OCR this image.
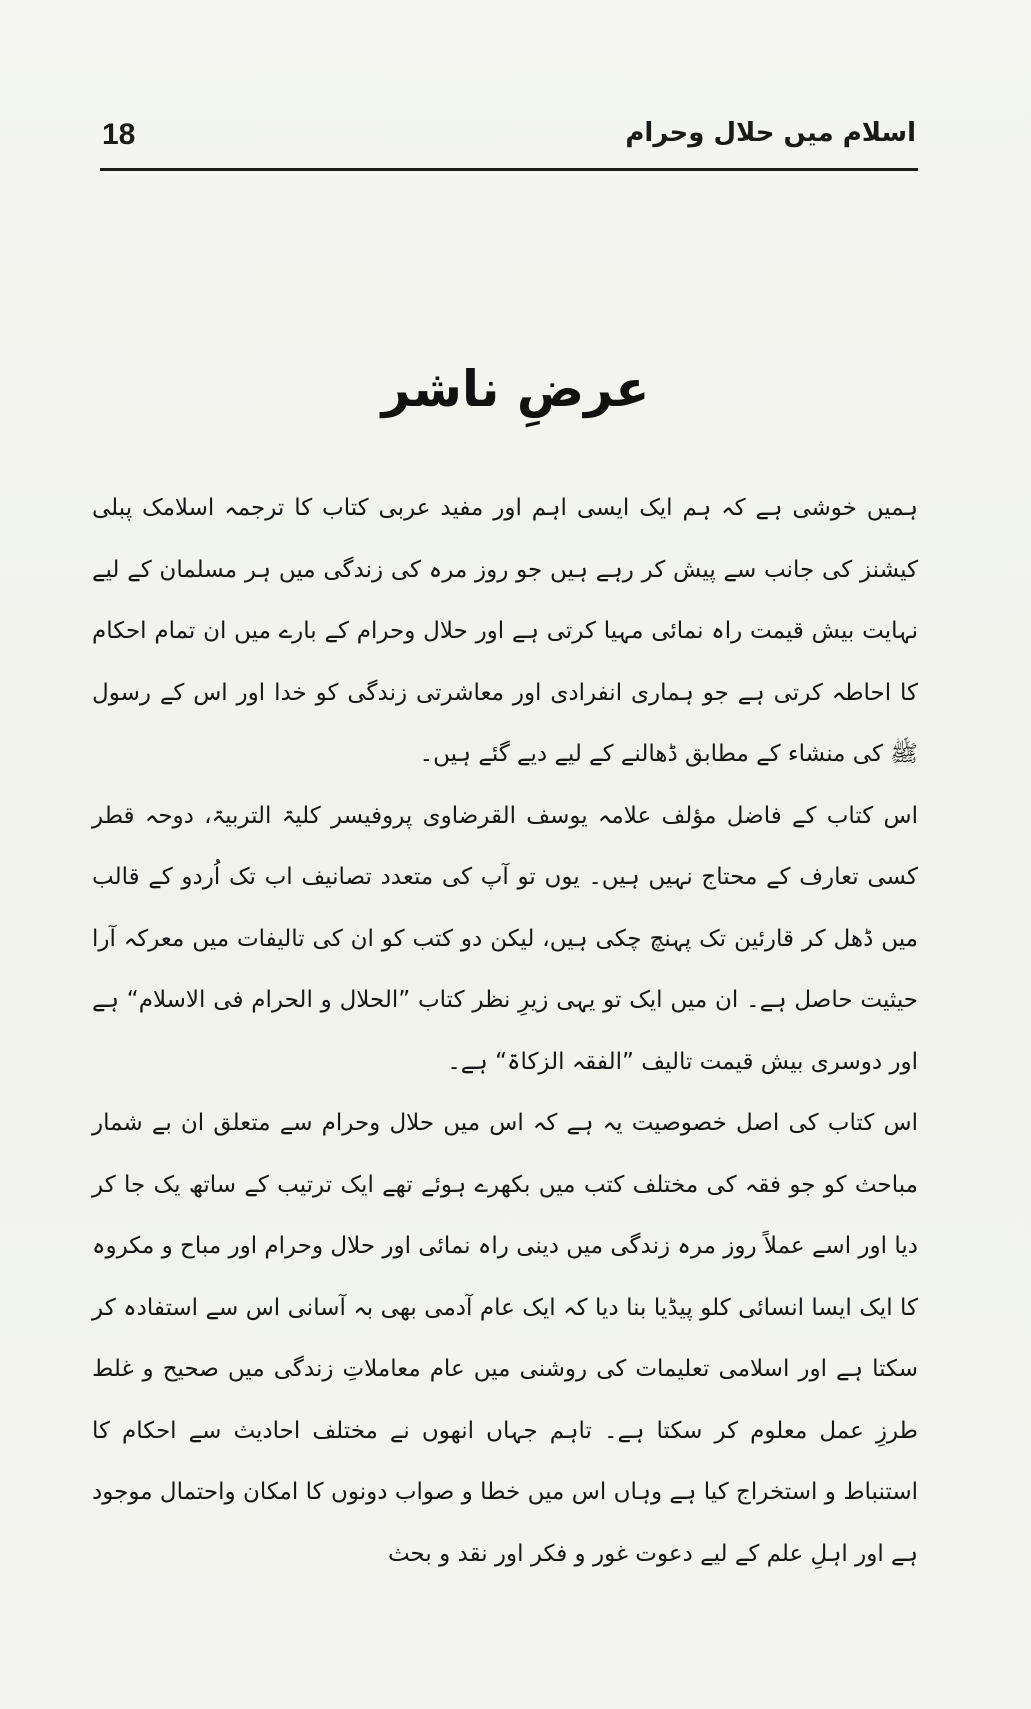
18	اسلام میں حلال وحرام
عرضِ ناشر

ہمیں خوشی ہے کہ ہم ایک ایسی اہم اور مفید عربی کتاب کا ترجمہ اسلامک پبلی کیشنز کی جانب سے پیش کر رہے ہیں جو روز مرہ کی زندگی میں ہر مسلمان کے لیے نہایت بیش قیمت راہ نمائی مہیا کرتی ہے اور حلال وحرام کے بارے میں ان تمام احکام کا احاطہ کرتی ہے جو ہماری انفرادی اور معاشرتی زندگی کو خدا اور اس کے رسول ﷺ کی منشاء کے مطابق ڈھالنے کے لیے دیے گئے ہیں۔

اس کتاب کے فاضل مؤلف علامہ یوسف القرضاوی پروفیسر کلیۃ التربیۃ، دوحہ قطر کسی تعارف کے محتاج نہیں ہیں۔ یوں تو آپ کی متعدد تصانیف اب تک اُردو کے قالب میں ڈھل کر قارئین تک پہنچ چکی ہیں، لیکن دو کتب کو ان کی تالیفات میں معرکہ آرا حیثیت حاصل ہے۔ ان میں ایک تو یہی زیرِ نظر کتاب ”الحلال و الحرام فی الاسلام“ ہے اور دوسری بیش قیمت تالیف ”الفقہ الزکاۃ“ ہے۔

اس کتاب کی اصل خصوصیت یہ ہے کہ اس میں حلال وحرام سے متعلق ان بے شمار مباحث کو جو فقہ کی مختلف کتب میں بکھرے ہوئے تھے ایک ترتیب کے ساتھ یک جا کر دیا اور اسے عملاً روز مرہ زندگی میں دینی راہ نمائی اور حلال وحرام اور مباح و مکروہ کا ایک ایسا انسائی کلو پیڈیا بنا دیا کہ ایک عام آدمی بھی بہ آسانی اس سے استفادہ کر سکتا ہے اور اسلامی تعلیمات کی روشنی میں عام معاملاتِ زندگی میں صحیح و غلط طرزِ عمل معلوم کر سکتا ہے۔ تاہم جہاں انھوں نے مختلف احادیث سے احکام کا استنباط و استخراج کیا ہے وہاں اس میں خطا و صواب دونوں کا امکان واحتمال موجود ہے اور اہلِ علم کے لیے دعوت غور و فکر اور نقد و بحث
